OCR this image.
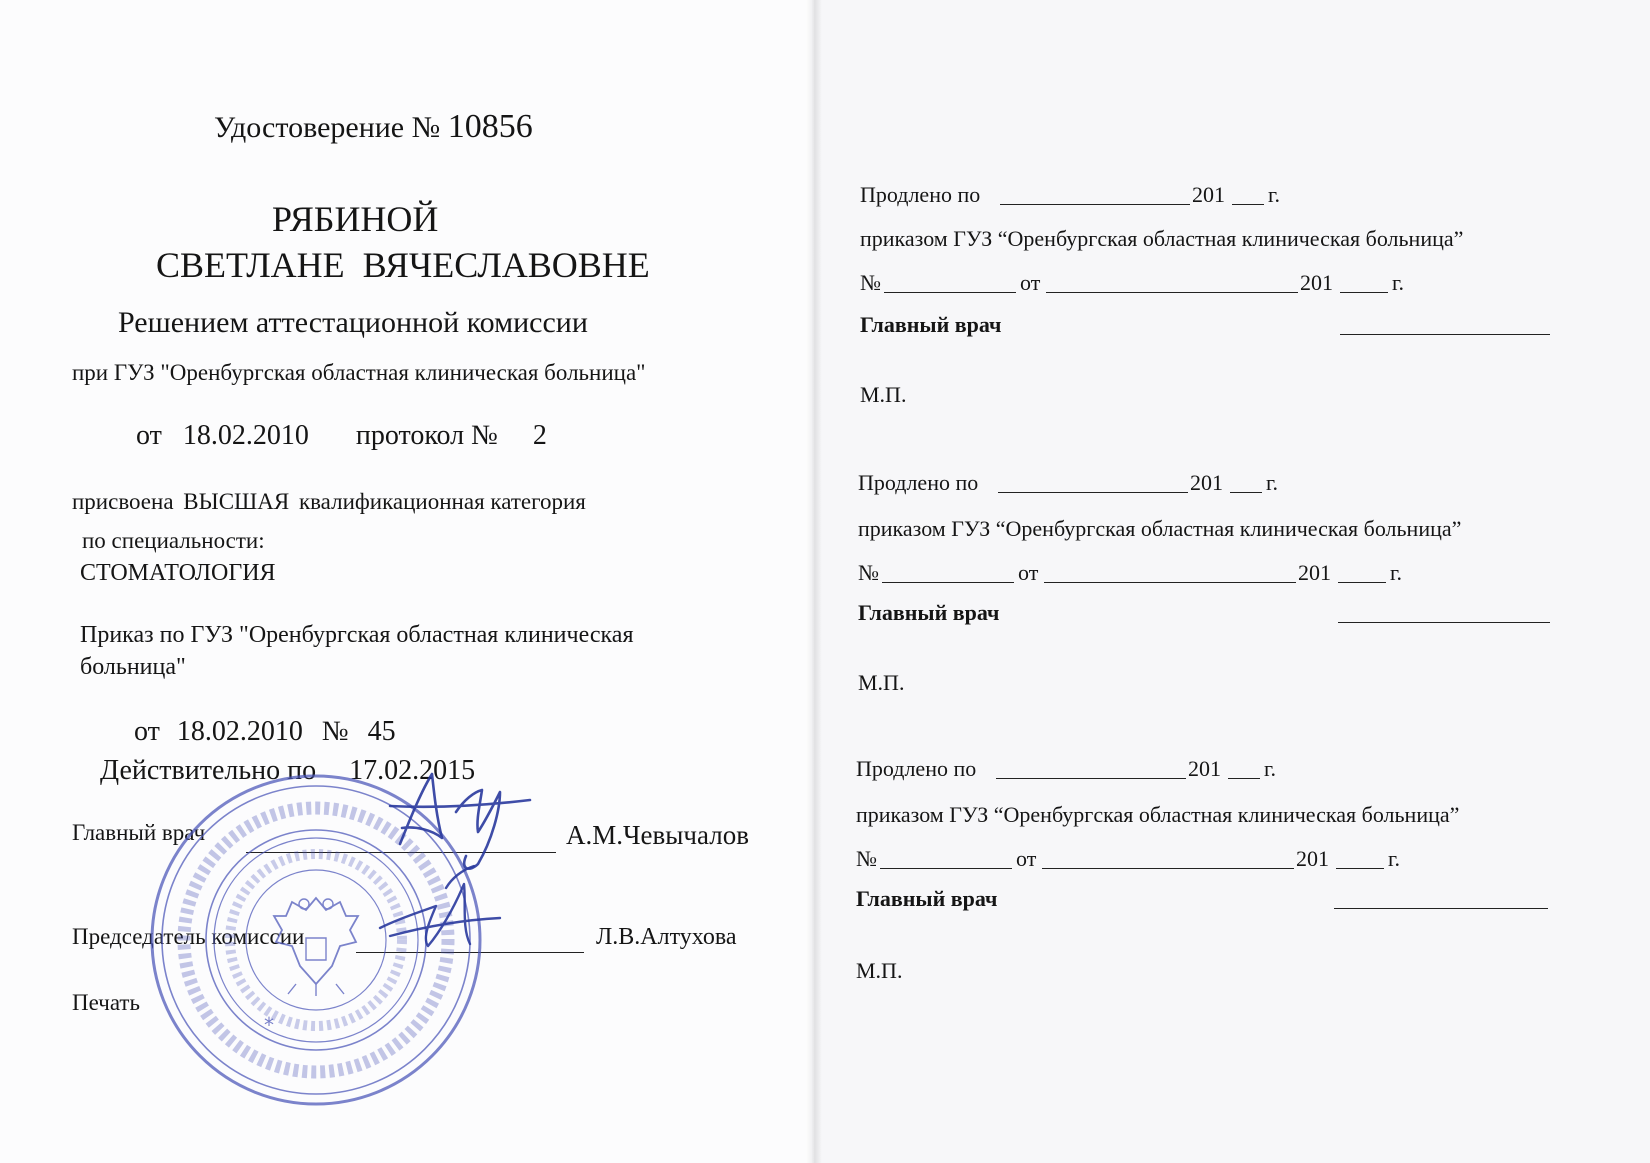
Удостоверение № 10856
РЯБИНОЙ
СВЕТЛАНЕ  ВЯЧЕСЛАВОВНЕ
Решением аттестационной комиссии
при ГУЗ "Оренбургская областная клиническая больница"
от 18.02.2010 протокол № 2
присвоена ВЫСШАЯ квалификационная категория
по специальности:
СТОМАТОЛОГИЯ
Приказ по ГУЗ "Оренбургская областная клиническая
больница"
от 18.02.2010 № 45
Действительно по 17.02.2015
Главный врач	А.М.Чевычалов
Председатель комиссии	Л.В.Алтухова
Печать
*
Продлено по	201 г.
приказом ГУЗ “Оренбургская областная клиническая больница”
№	от	201	г.
Главный врач
М.П.
Продлено по	201 г.
приказом ГУЗ “Оренбургская областная клиническая больница”
№	от	201	г.
Главный врач
М.П.
Продлено по	201 г.
приказом ГУЗ “Оренбургская областная клиническая больница”
№	от	201	г.
Главный врач
М.П.
